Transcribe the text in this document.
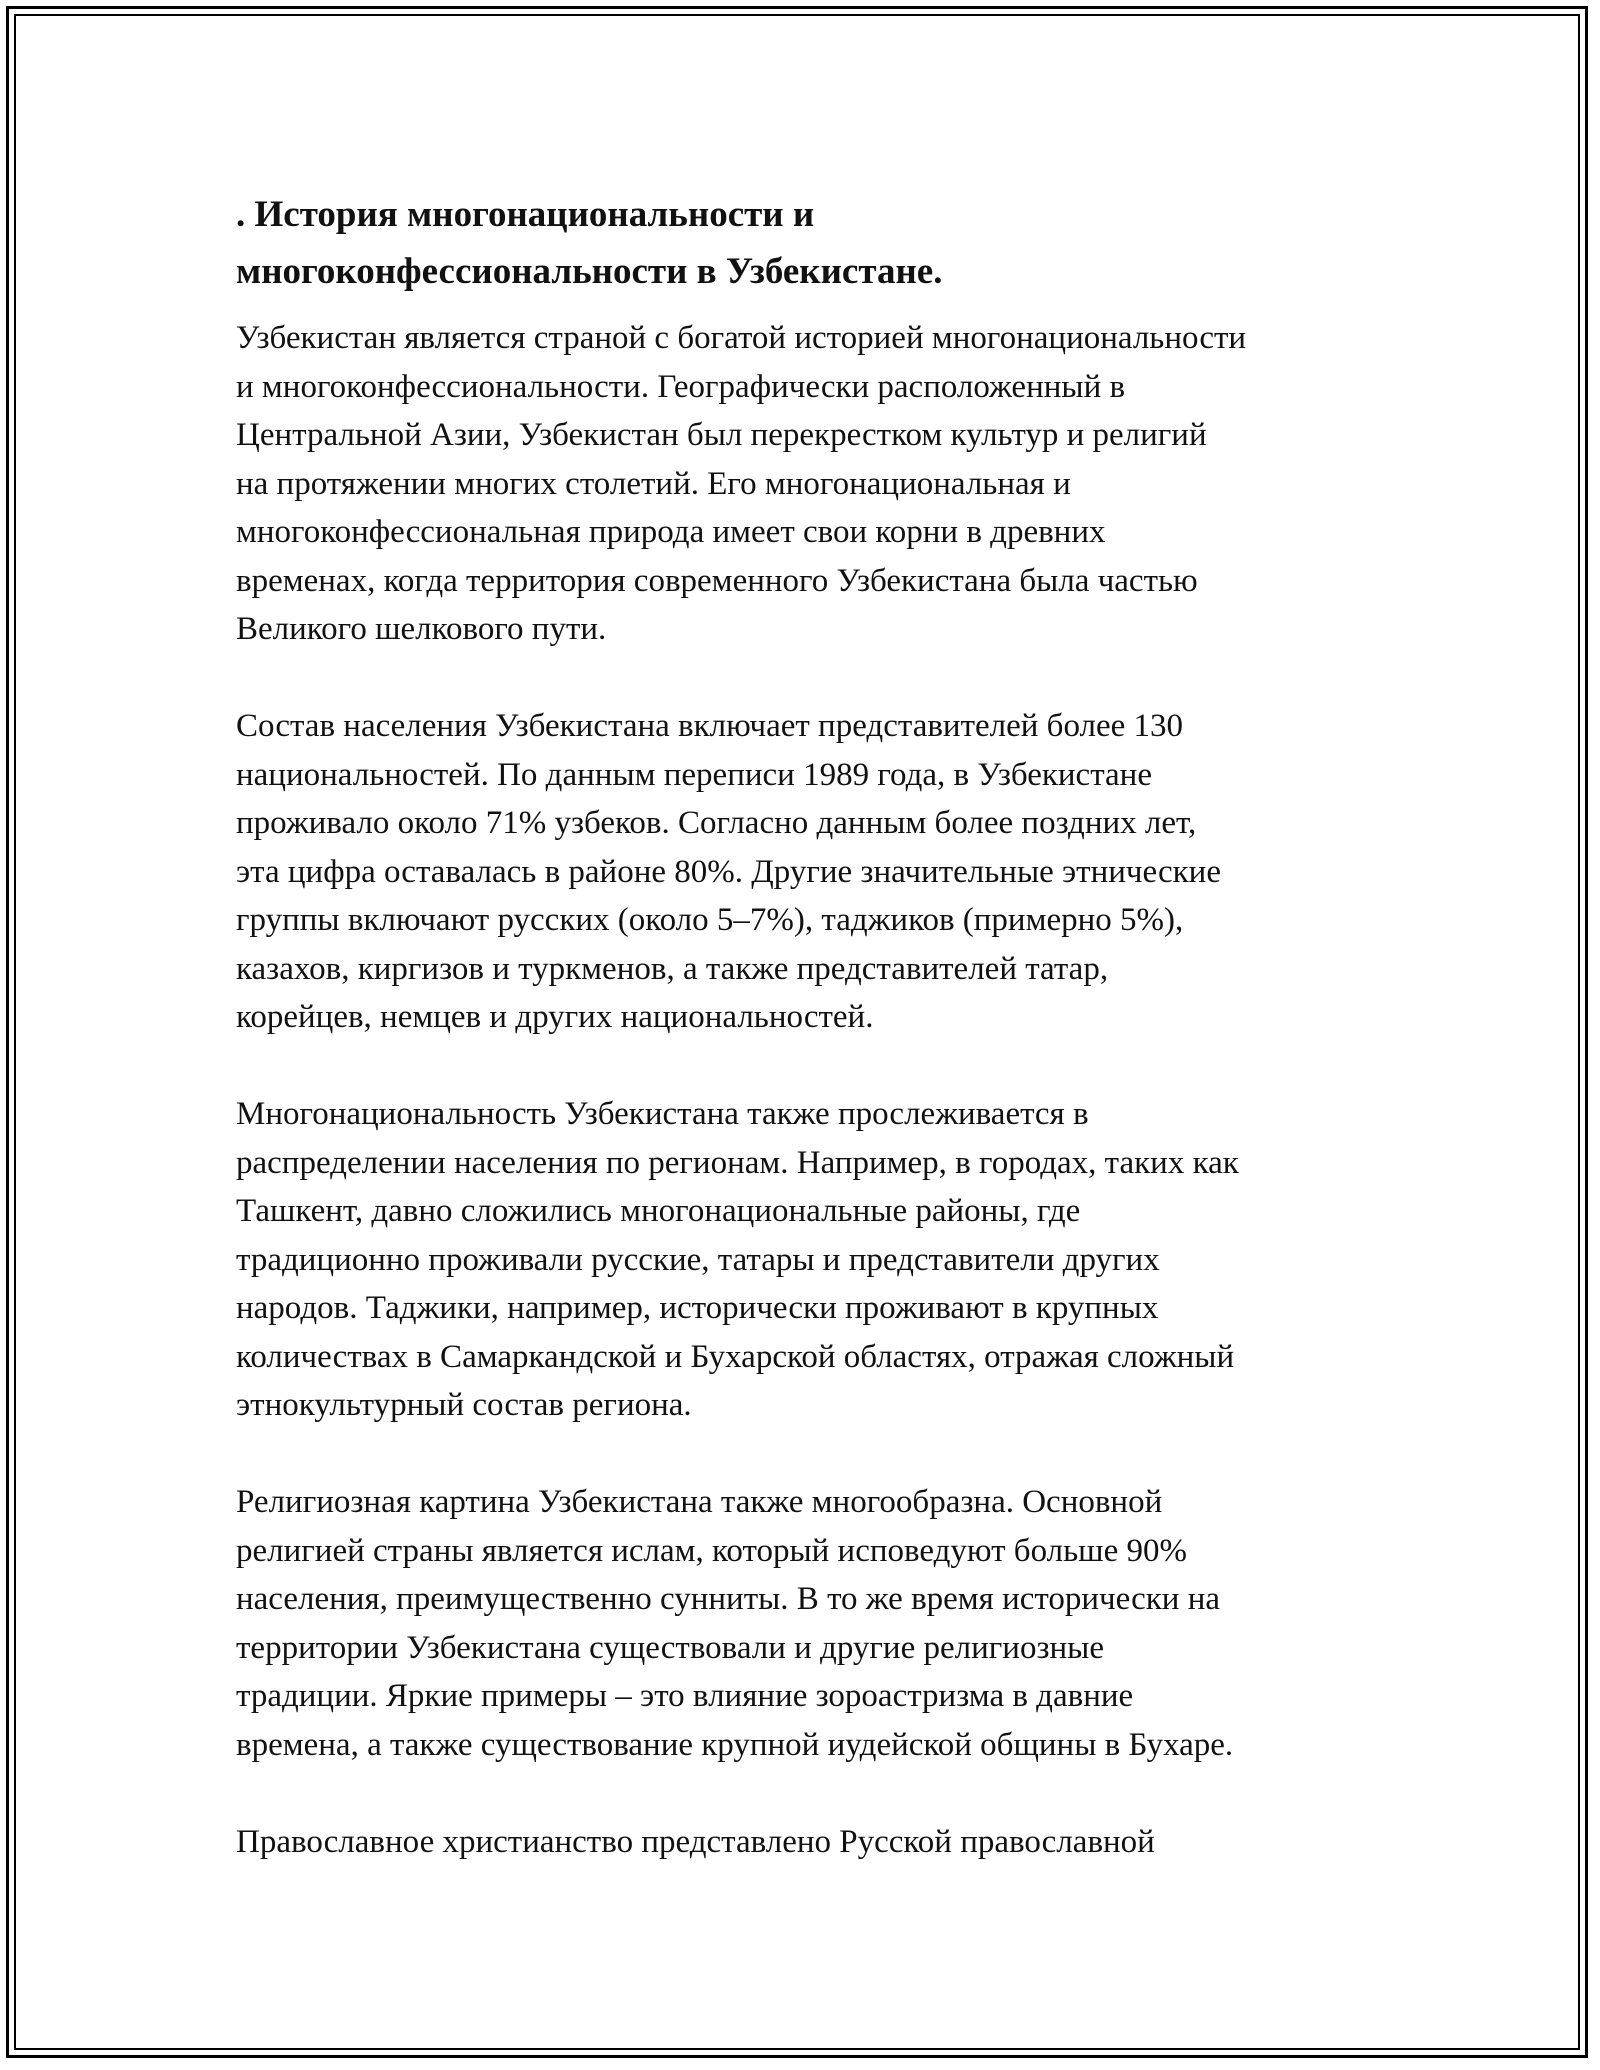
. История многонациональности и
многоконфессиональности в Узбекистане.

Узбекистан является страной с богатой историей многонациональности
и многоконфессиональности. Географически расположенный в
Центральной Азии, Узбекистан был перекрестком культур и религий
на протяжении многих столетий. Его многонациональная и
многоконфессиональная природа имеет свои корни в древних
временах, когда территория современного Узбекистана была частью
Великого шелкового пути.

Состав населения Узбекистана включает представителей более 130
национальностей. По данным переписи 1989 года, в Узбекистане
проживало около 71% узбеков. Согласно данным более поздних лет,
эта цифра оставалась в районе 80%. Другие значительные этнические
группы включают русских (около 5–7%), таджиков (примерно 5%),
казахов, киргизов и туркменов, а также представителей татар,
корейцев, немцев и других национальностей.

Многонациональность Узбекистана также прослеживается в
распределении населения по регионам. Например, в городах, таких как
Ташкент, давно сложились многонациональные районы, где
традиционно проживали русские, татары и представители других
народов. Таджики, например, исторически проживают в крупных
количествах в Самаркандской и Бухарской областях, отражая сложный
этнокультурный состав региона.

Религиозная картина Узбекистана также многообразна. Основной
религией страны является ислам, который исповедуют больше 90%
населения, преимущественно сунниты. В то же время исторически на
территории Узбекистана существовали и другие религиозные
традиции. Яркие примеры – это влияние зороастризма в давние
времена, а также существование крупной иудейской общины в Бухаре.

Православное христианство представлено Русской православной
